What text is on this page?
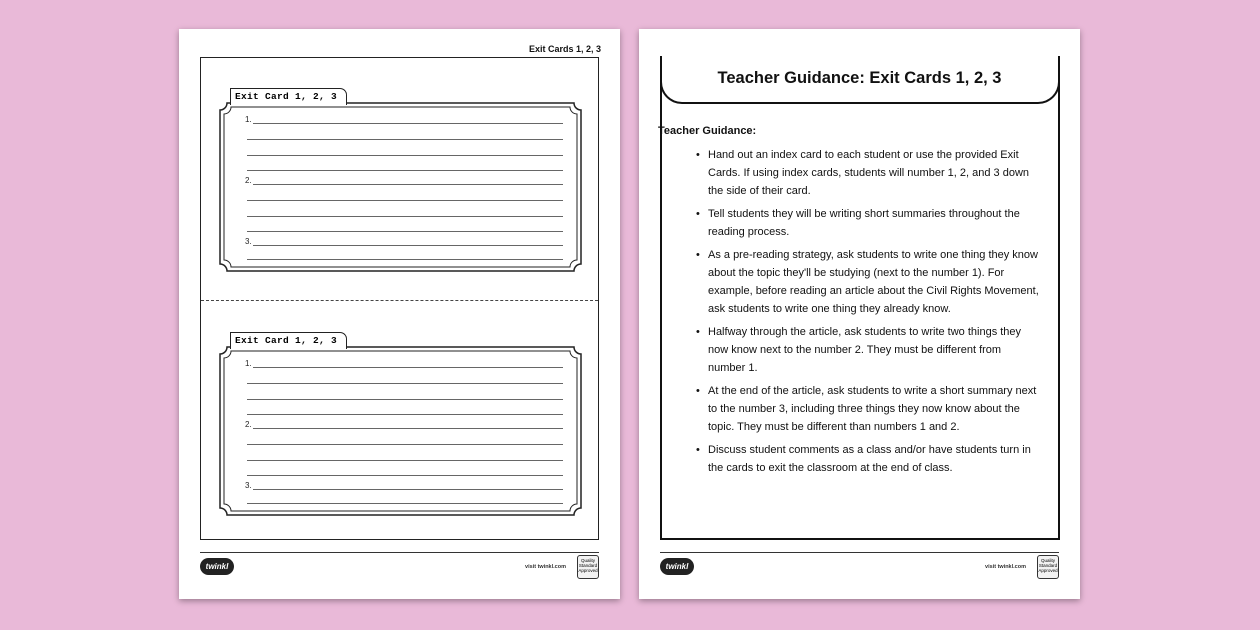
Exit Cards 1, 2, 3
Exit Card 1, 2, 3
1.
2.
3.
Exit Card 1, 2, 3
1.
2.
3.
twinkl	visit twinkl.com
Quality Standard Approved
Teacher Guidance: Exit Cards 1, 2, 3
Teacher Guidance:
• Hand out an index card to each student or use the provided Exit Cards. If using index cards, students will number 1, 2, and 3 down the side of their card.
• Tell students they will be writing short summaries throughout the reading process.
• As a pre-reading strategy, ask students to write one thing they know about the topic they'll be studying (next to the number 1). For example, before reading an article about the Civil Rights Movement, ask students to write one thing they already know.
• Halfway through the article, ask students to write two things they now know next to the number 2. They must be different from number 1.
• At the end of the article, ask students to write a short summary next to the number 3, including three things they now know about the topic. They must be different than numbers 1 and 2.
• Discuss student comments as a class and/or have students turn in the cards to exit the classroom at the end of class.
twinkl	visit twinkl.com
Quality Standard Approved
